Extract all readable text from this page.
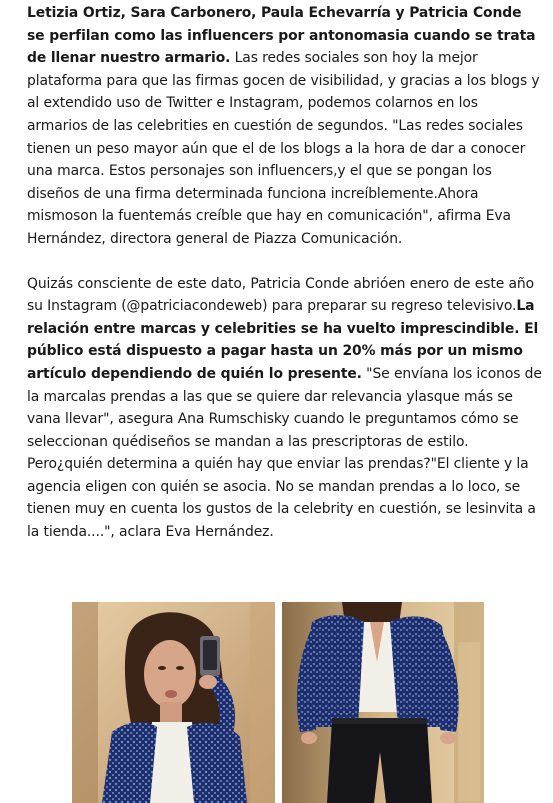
Letizia Ortiz, Sara Carbonero, Paula Echevarría y Patricia Conde se perfilan como las influencers por antonomasia cuando se trata de llenar nuestro armario. Las redes sociales son hoy la mejor plataforma para que las firmas gocen de visibilidad, y gracias a los blogs y al extendido uso de Twitter e Instagram, podemos colarnos en los armarios de las celebrities en cuestión de segundos. "Las redes sociales tienen un peso mayor aún que el de los blogs a la hora de dar a conocer una marca. Estos personajes son influencers,y el que se pongan los diseños de una firma determinada funciona increíblemente.Ahora mismoson la fuentemás creíble que hay en comunicación", afirma Eva Hernández, directora general de Piazza Comunicación.

Quizás consciente de este dato, Patricia Conde abrióen enero de este año su Instagram (@patriciacondeweb) para preparar su regreso televisivo.La relación entre marcas y celebrities se ha vuelto imprescindible. El público está dispuesto a pagar hasta un 20% más por un mismo artículo dependiendo de quién lo presente. "Se envíana los iconos de la marcalas prendas a las que se quiere dar relevancia ylasque más se vana llevar", asegura Ana Rumschisky cuando le preguntamos cómo se seleccionan quédiseños se mandan a las prescriptoras de estilo. Pero¿quién determina a quién hay que enviar las prendas?"El cliente y la agencia eligen con quién se asocia. No se mandan prendas a lo loco, se tienen muy en cuenta los gustos de la celebrity en cuestión, se lesinvita a la tienda....", aclara Eva Hernández.
